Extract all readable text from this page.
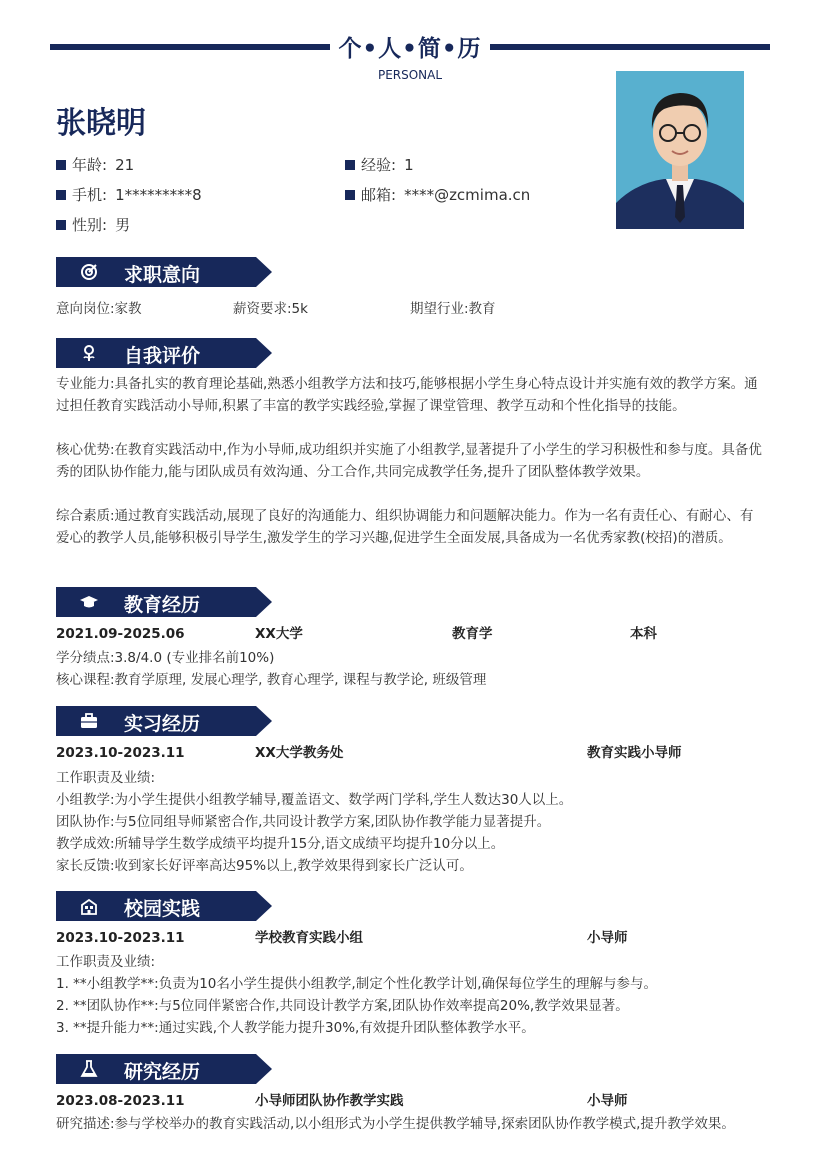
个•人•简•历
PERSONAL
张晓明
年龄: 21	经验: 1
手机: 1*********8	邮箱: ****@zcmima.cn
性别: 男
求职意向
意向岗位:家教	薪资要求:5k	期望行业:教育
自我评价
专业能力:具备扎实的教育理论基础,熟悉小组教学方法和技巧,能够根据小学生身心特点设计并实施有效的教学方案。通过担任教育实践活动小导师,积累了丰富的教学实践经验,掌握了课堂管理、教学互动和个性化指导的技能。
核心优势:在教育实践活动中,作为小导师,成功组织并实施了小组教学,显著提升了小学生的学习积极性和参与度。具备优秀的团队协作能力,能与团队成员有效沟通、分工合作,共同完成教学任务,提升了团队整体教学效果。
综合素质:通过教育实践活动,展现了良好的沟通能力、组织协调能力和问题解决能力。作为一名有责任心、有耐心、有爱心的教学人员,能够积极引导学生,激发学生的学习兴趣,促进学生全面发展,具备成为一名优秀家教(校招)的潜质。
教育经历
2021.09-2025.06	XX大学	教育学	本科
学分绩点:3.8/4.0 (专业排名前10%)
核心课程:教育学原理, 发展心理学, 教育心理学, 课程与教学论, 班级管理
实习经历
2023.10-2023.11	XX大学教务处	教育实践小导师
工作职责及业绩:
小组教学:为小学生提供小组教学辅导,覆盖语文、数学两门学科,学生人数达30人以上。
团队协作:与5位同组导师紧密合作,共同设计教学方案,团队协作教学能力显著提升。
教学成效:所辅导学生数学成绩平均提升15分,语文成绩平均提升10分以上。
家长反馈:收到家长好评率高达95%以上,教学效果得到家长广泛认可。
校园实践
2023.10-2023.11	学校教育实践小组	小导师
工作职责及业绩:
1. **小组教学**:负责为10名小学生提供小组教学,制定个性化教学计划,确保每位学生的理解与参与。
2. **团队协作**:与5位同伴紧密合作,共同设计教学方案,团队协作效率提高20%,教学效果显著。
3. **提升能力**:通过实践,个人教学能力提升30%,有效提升团队整体教学水平。
研究经历
2023.08-2023.11	小导师团队协作教学实践	小导师
研究描述:参与学校举办的教育实践活动,以小组形式为小学生提供教学辅导,探索团队协作教学模式,提升教学效果。
